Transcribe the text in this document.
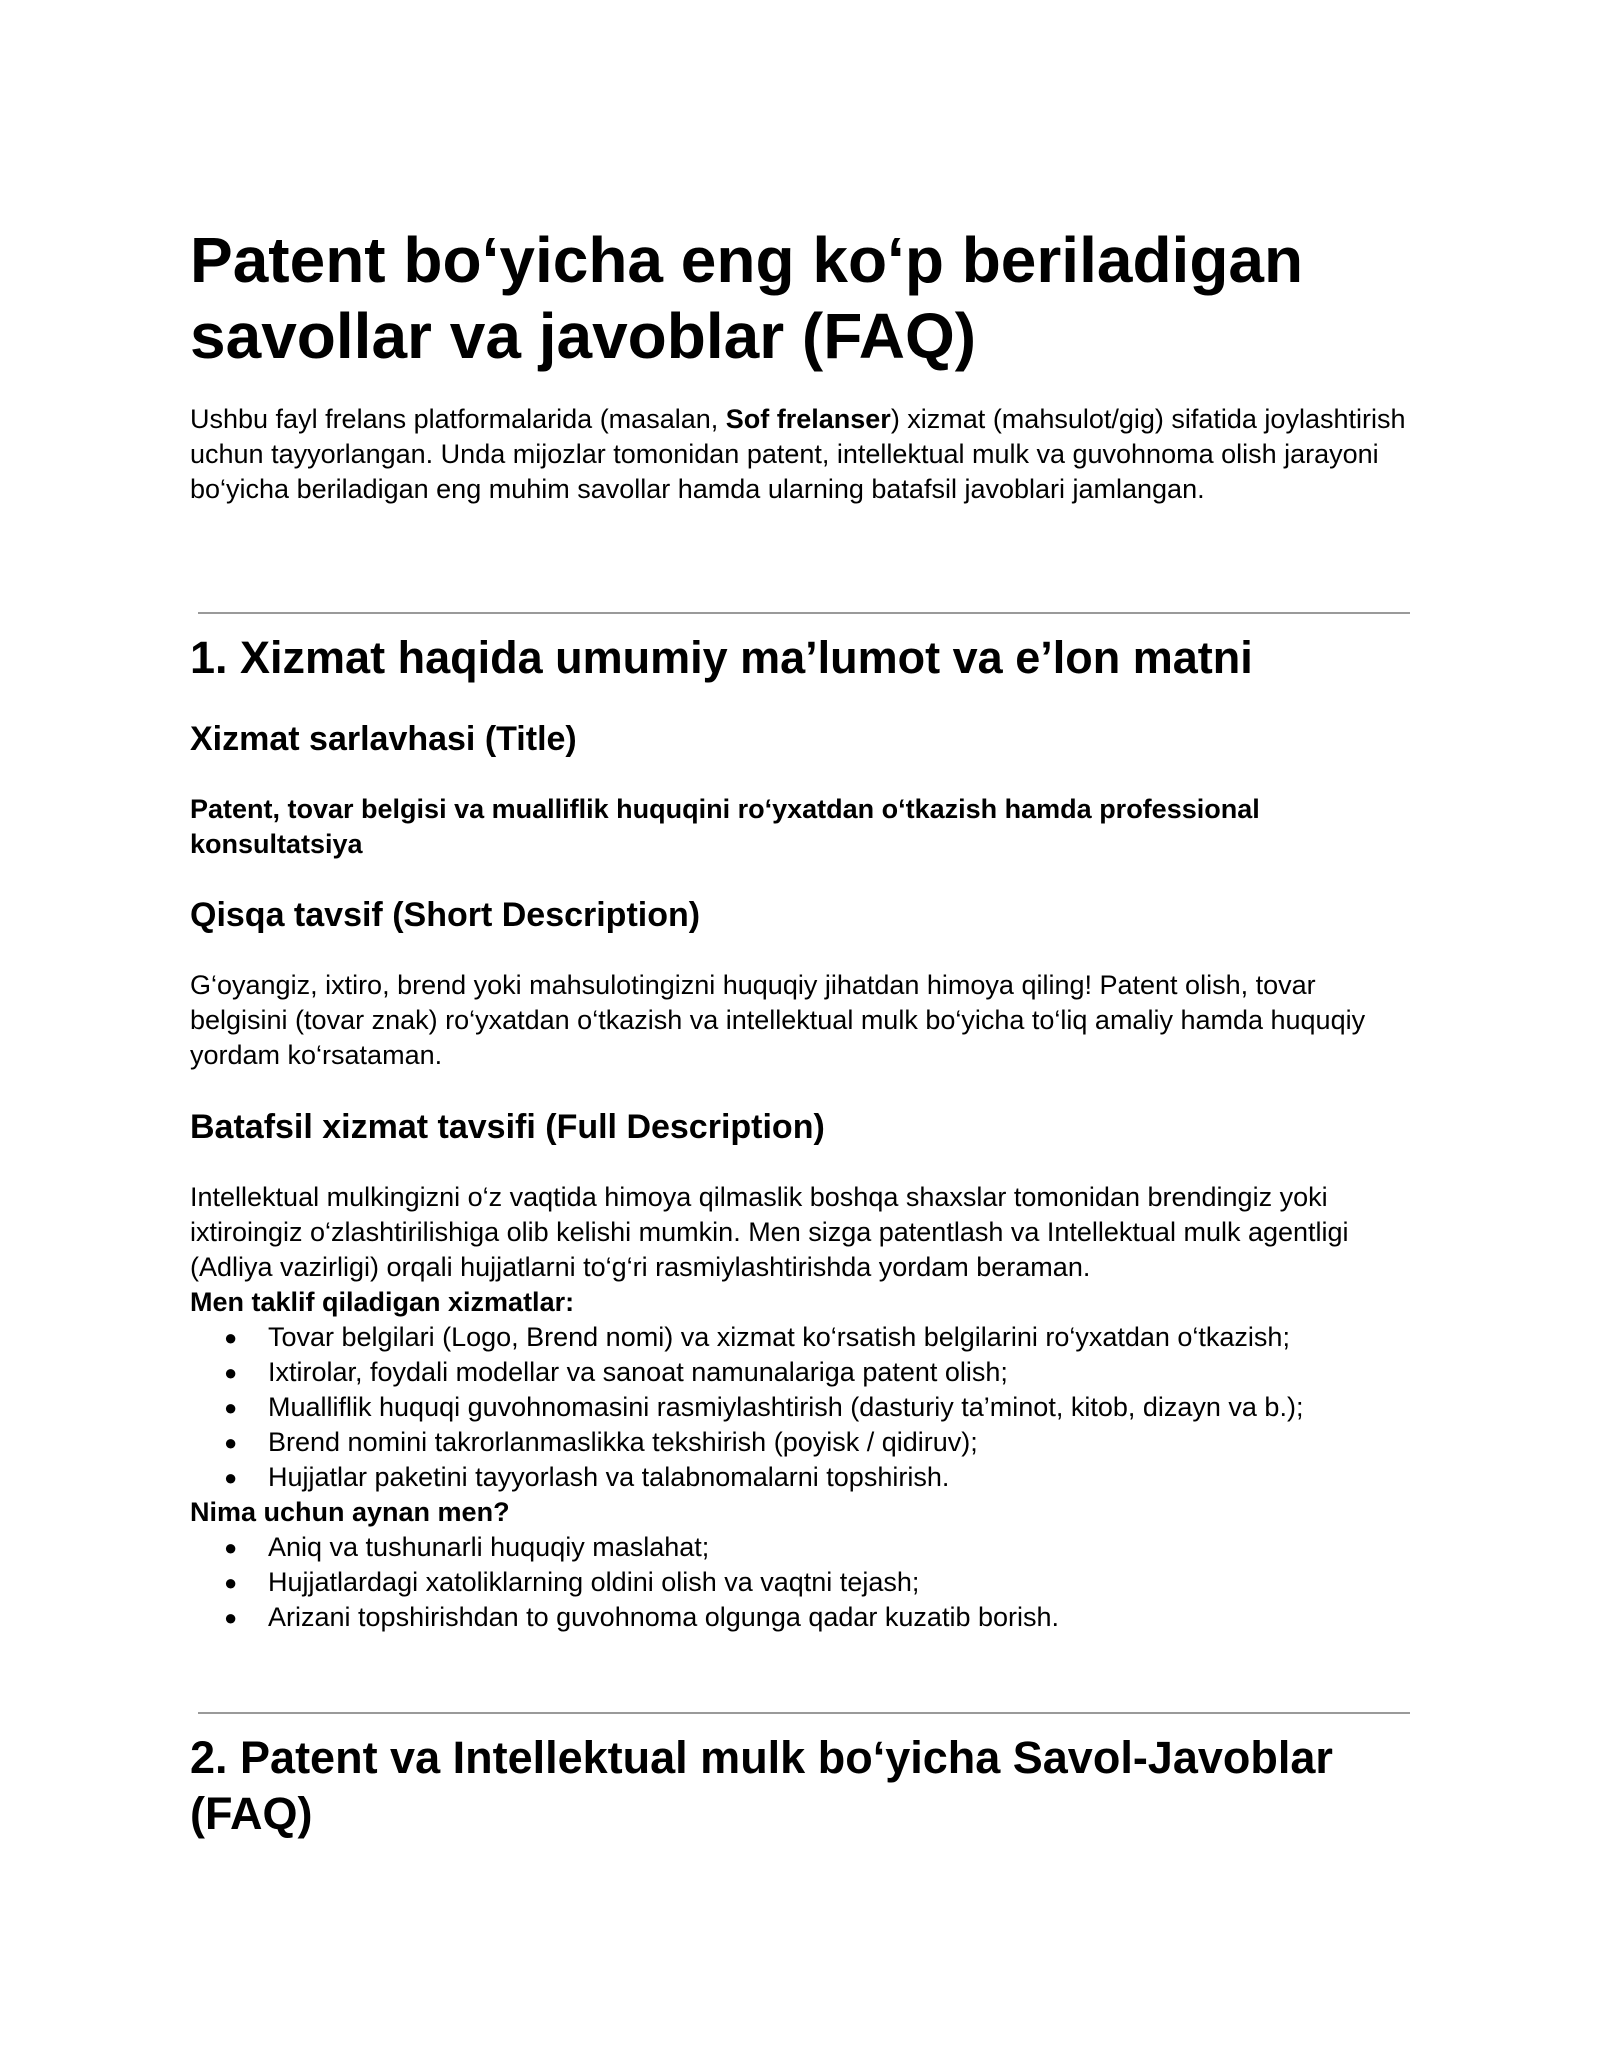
Patent bo‘yicha eng ko‘p beriladigan
savollar va javoblar (FAQ)

Ushbu fayl frelans platformalarida (masalan, Sof frelanser) xizmat (mahsulot/gig) sifatida joylashtirish uchun tayyorlangan. Unda mijozlar tomonidan patent, intellektual mulk va guvohnoma olish jarayoni bo‘yicha beriladigan eng muhim savollar hamda ularning batafsil javoblari jamlangan.

1. Xizmat haqida umumiy ma’lumot va e’lon matni
Xizmat sarlavhasi (Title)

Patent, tovar belgisi va mualliflik huquqini ro‘yxatdan o‘tkazish hamda professional konsultatsiya

Qisqa tavsif (Short Description)

G‘oyangiz, ixtiro, brend yoki mahsulotingizni huquqiy jihatdan himoya qiling! Patent olish, tovar belgisini (tovar znak) ro‘yxatdan o‘tkazish va intellektual mulk bo‘yicha to‘liq amaliy hamda huquqiy yordam ko‘rsataman.

Batafsil xizmat tavsifi (Full Description)

Intellektual mulkingizni o‘z vaqtida himoya qilmaslik boshqa shaxslar tomonidan brendingiz yoki ixtiroingiz o‘zlashtirilishiga olib kelishi mumkin. Men sizga patentlash va Intellektual mulk agentligi (Adliya vazirligi) orqali hujjatlarni to‘g‘ri rasmiylashtirishda yordam beraman.

Men taklif qiladigan xizmatlar:
● Tovar belgilari (Logo, Brend nomi) va xizmat ko‘rsatish belgilarini ro‘yxatdan o‘tkazish;
● Ixtirolar, foydali modellar va sanoat namunalariga patent olish;
● Mualliflik huquqi guvohnomasini rasmiylashtirish (dasturiy ta’minot, kitob, dizayn va b.);
● Brend nomini takrorlanmaslikka tekshirish (poyisk / qidiruv);
● Hujjatlar paketini tayyorlash va talabnomalarni topshirish.
Nima uchun aynan men?
● Aniq va tushunarli huquqiy maslahat;
● Hujjatlardagi xatoliklarning oldini olish va vaqtni tejash;
● Arizani topshirishdan to guvohnoma olgunga qadar kuzatib borish.
2. Patent va Intellektual mulk bo‘yicha Savol-Javoblar
(FAQ)
